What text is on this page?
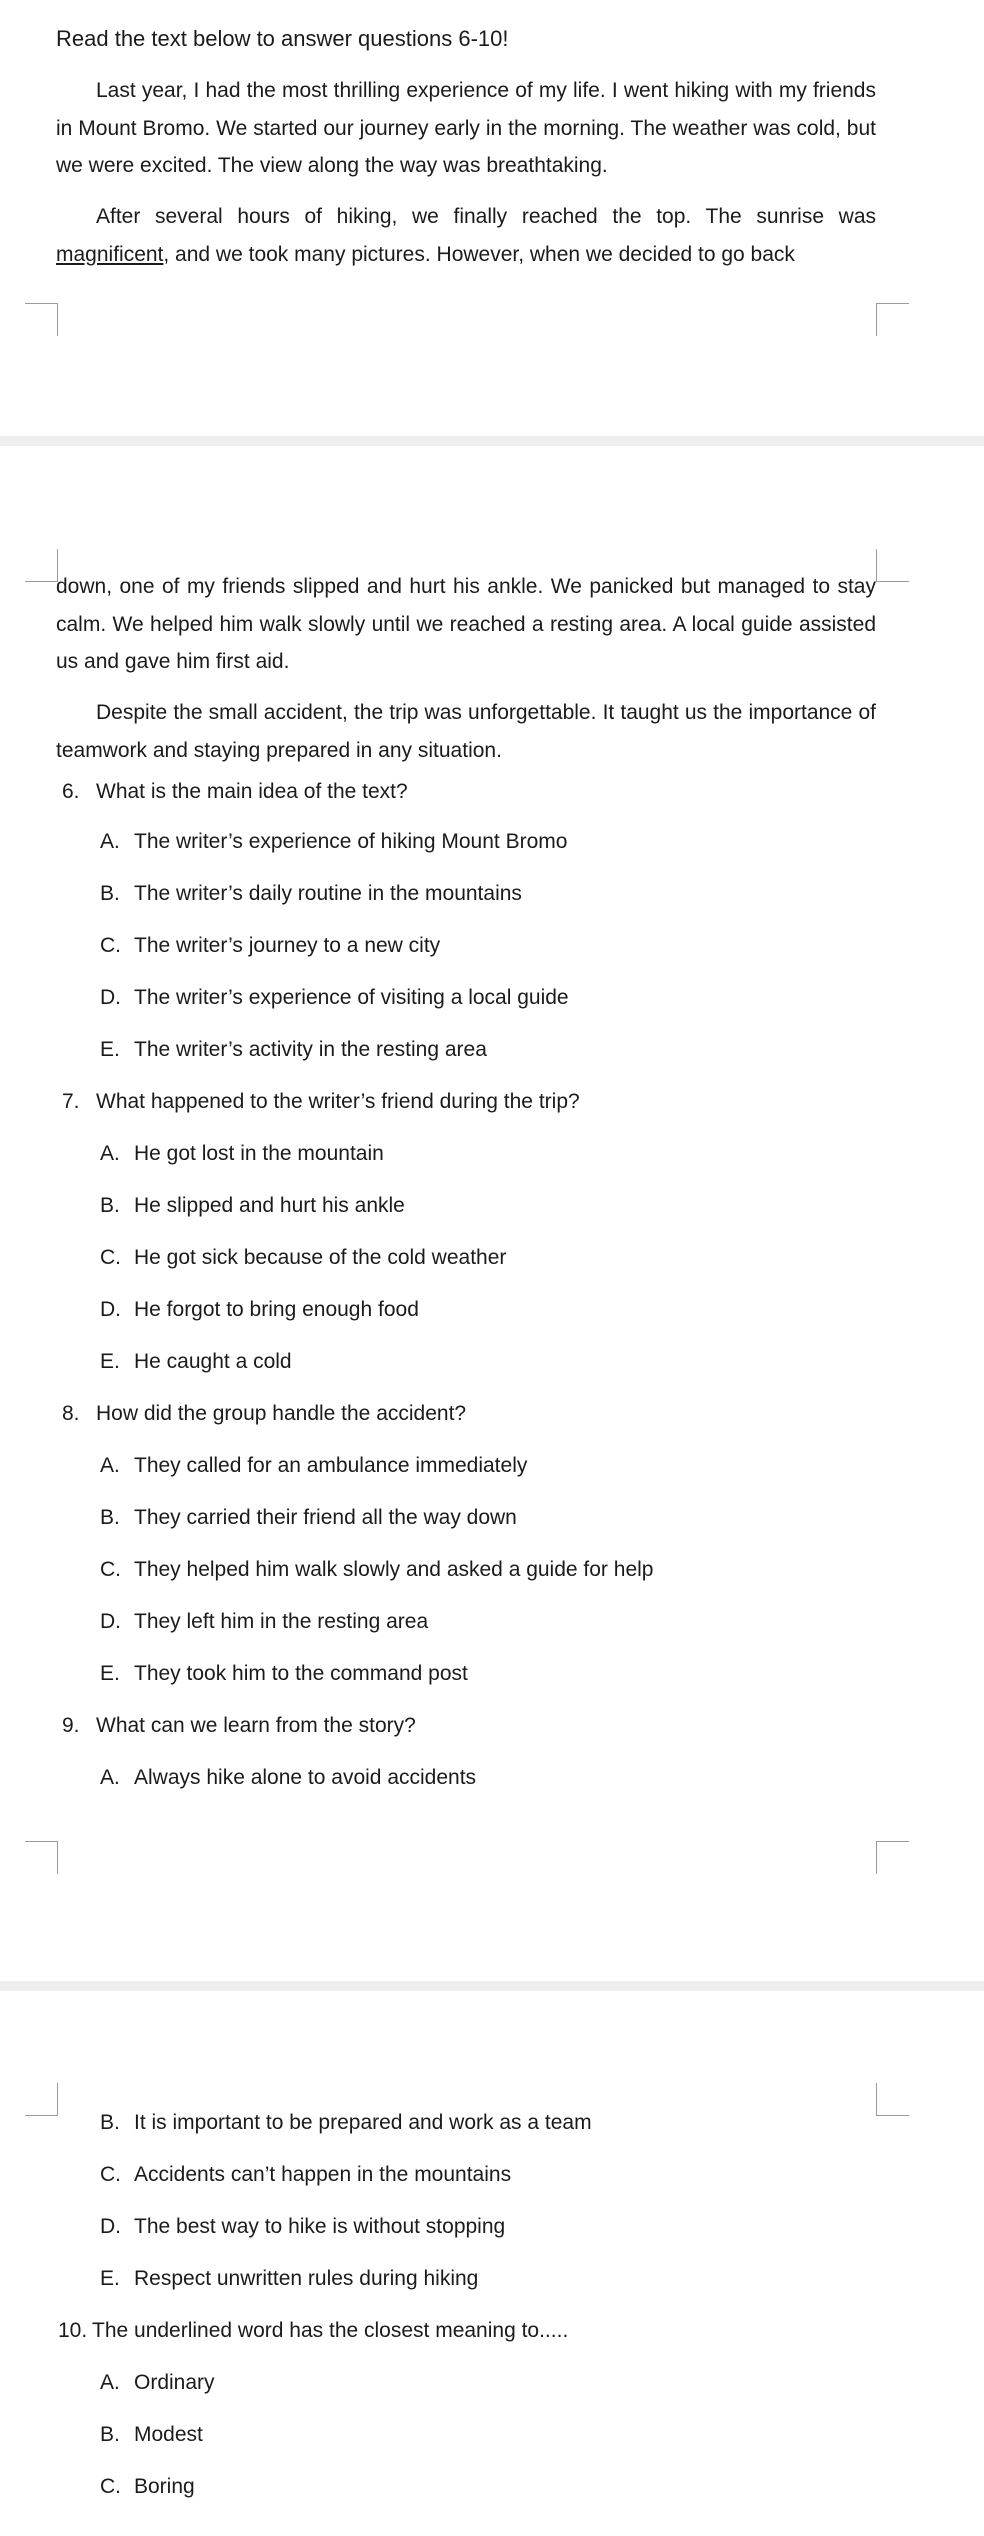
Read the text below to answer questions 6-10!

Last year, I had the most thrilling experience of my life. I went hiking with my friends in Mount Bromo. We started our journey early in the morning. The weather was cold, but we were excited. The view along the way was breathtaking.

After several hours of hiking, we finally reached the top. The sunrise was magnificent, and we took many pictures. However, when we decided to go back

down, one of my friends slipped and hurt his ankle. We panicked but managed to stay calm. We helped him walk slowly until we reached a resting area. A local guide assisted us and gave him first aid.

Despite the small accident, the trip was unforgettable. It taught us the importance of teamwork and staying prepared in any situation.

6. What is the main idea of the text?
A. The writer’s experience of hiking Mount Bromo
B. The writer’s daily routine in the mountains
C. The writer’s journey to a new city
D. The writer’s experience of visiting a local guide
E. The writer’s activity in the resting area
7. What happened to the writer’s friend during the trip?
A. He got lost in the mountain
B. He slipped and hurt his ankle
C. He got sick because of the cold weather
D. He forgot to bring enough food
E. He caught a cold
8. How did the group handle the accident?
A. They called for an ambulance immediately
B. They carried their friend all the way down
C. They helped him walk slowly and asked a guide for help
D. They left him in the resting area
E. They took him to the command post
9. What can we learn from the story?
A. Always hike alone to avoid accidents
B. It is important to be prepared and work as a team
C. Accidents can’t happen in the mountains
D. The best way to hike is without stopping
E. Respect unwritten rules during hiking
10. The underlined word has the closest meaning to.....
A. Ordinary
B. Modest
C. Boring
